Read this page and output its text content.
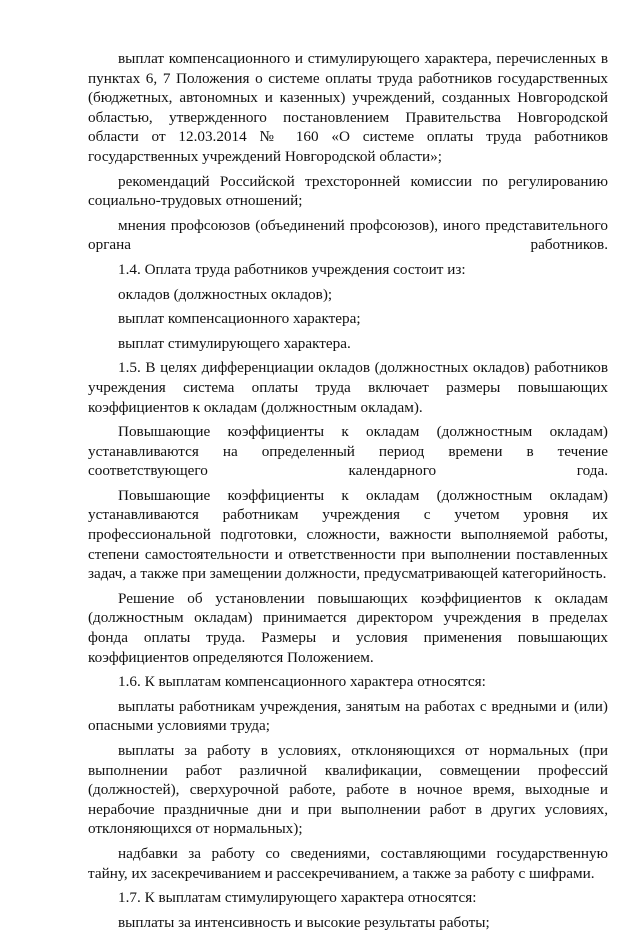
выплат компенсационного и стимулирующего характера, перечисленных в пунктах 6, 7 Положения о системе оплаты труда работников государственных (бюджетных, автономных и казенных) учреждений, созданных Новгородской областью, утвержденного постановлением Правительства Новгородской области от 12.03.2014 № 160 «О системе оплаты труда работников государственных учреждений Новгородской области»;

рекомендаций Российской трехсторонней комиссии по регулированию социально-трудовых отношений;

мнения профсоюзов (объединений профсоюзов), иного представительного органа работников.

1.4. Оплата труда работников учреждения состоит из:

окладов (должностных окладов);

выплат компенсационного характера;

выплат стимулирующего характера.

1.5. В целях дифференциации окладов (должностных окладов) работников учреждения система оплаты труда включает размеры повышающих коэффициентов к окладам (должностным окладам).

Повышающие коэффициенты к окладам (должностным окладам) устанавливаются на определенный период времени в течение соответствующего календарного года.

Повышающие коэффициенты к окладам (должностным окладам) устанавливаются работникам учреждения с учетом уровня их профессиональной подготовки, сложности, важности выполняемой работы, степени самостоятельности и ответственности при выполнении поставленных задач, а также при замещении должности, предусматривающей категорийность.

Решение об установлении повышающих коэффициентов к окладам (должностным окладам) принимается директором учреждения в пределах фонда оплаты труда. Размеры и условия применения повышающих коэффициентов определяются Положением.

1.6. К выплатам компенсационного характера относятся:

выплаты работникам учреждения, занятым на работах с вредными и (или) опасными условиями труда;

выплаты за работу в условиях, отклоняющихся от нормальных (при выполнении работ различной квалификации, совмещении профессий (должностей), сверхурочной работе, работе в ночное время, выходные и нерабочие праздничные дни и при выполнении работ в других условиях, отклоняющихся от нормальных);

надбавки за работу со сведениями, составляющими государственную тайну, их засекречиванием и рассекречиванием, а также за работу с шифрами.

1.7. К выплатам стимулирующего характера относятся:

выплаты за интенсивность и высокие результаты работы;
